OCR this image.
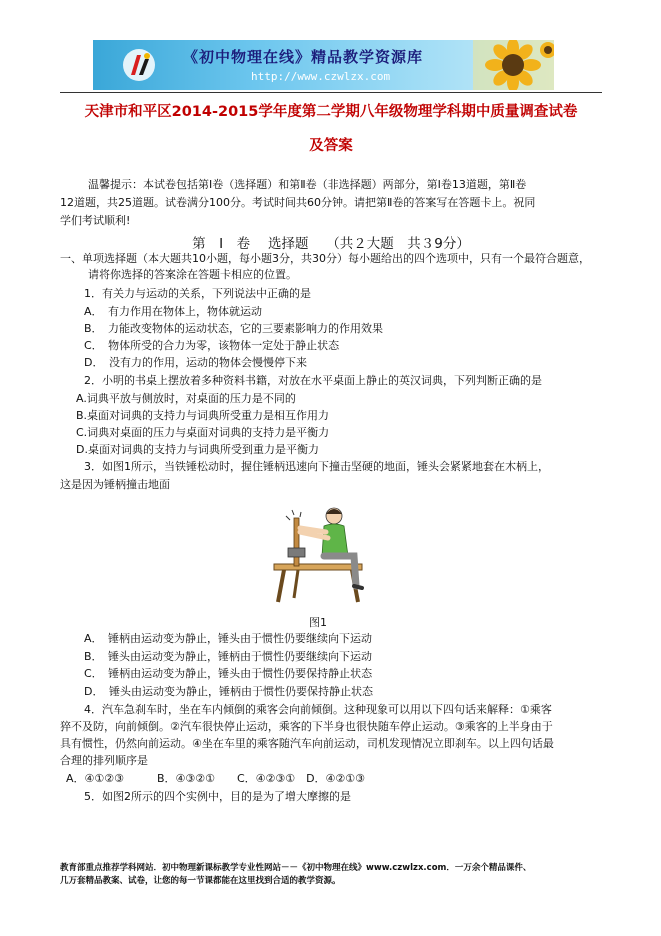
《初中物理在线》精品教学资源库
http://www.czwlzx.com
天津市和平区2014-2015学年度第二学期八年级物理学科期中质量调查试卷
及答案
温馨提示：本试卷包括第Ⅰ卷（选择题）和第Ⅱ卷（非选择题）两部分，第Ⅰ卷13道题，第Ⅱ卷
12道题，共25道题。试卷满分100分。考试时间共60分钟。请把第Ⅱ卷的答案写在答题卡上。祝同
学们考试顺利!
第　Ⅰ　卷　 选择题　 （共２大题　共３9分）
一、单项选择题（本大题共10小题，每小题3分，共30分）每小题给出的四个选项中，只有一个最符合题意，
请将你选择的答案涂在答题卡相应的位置。
1．有关力与运动的关系，下列说法中正确的是
A．　有力作用在物体上，物体就运动
B．　力能改变物体的运动状态，它的三要素影响力的作用效果
C．　物体所受的合力为零，该物体一定处于静止状态
D．　没有力的作用，运动的物体会慢慢停下来
2．小明的书桌上摆放着多种资料书籍，对放在水平桌面上静止的英汉词典，下列判断正确的是
A.词典平放与侧放时，对桌面的压力是不同的
B.桌面对词典的支持力与词典所受重力是相互作用力
C.词典对桌面的压力与桌面对词典的支持力是平衡力
D.桌面对词典的支持力与词典所受到重力是平衡力
3．如图1所示，当铁锤松动时，握住锤柄迅速向下撞击坚硬的地面，锤头会紧紧地套在木柄上，
这是因为锤柄撞击地面
图1
A．　锤柄由运动变为静止，锤头由于惯性仍要继续向下运动
B．　锤头由运动变为静止，锤柄由于惯性仍要继续向下运动
C．　锤柄由运动变为静止，锤头由于惯性仍要保持静止状态
D．　锤头由运动变为静止，锤柄由于惯性仍要保持静止状态
4．汽车急刹车时，坐在车内倾倒的乘客会向前倾倒。这种现象可以用以下四句话来解释：①乘客
猝不及防，向前倾倒。②汽车很快停止运动，乘客的下半身也很快随车停止运动。③乘客的上半身由于
具有惯性，仍然向前运动。④坐在车里的乘客随汽车向前运动，司机发现情况立即刹车。以上四句话最
合理的排列顺序是
A．④①②③　　　B．④③②①　　C．④②③①　D．④②①③
5．如图2所示的四个实例中，目的是为了增大摩擦的是
教育部重点推荐学科网站．初中物理新课标教学专业性网站－－《初中物理在线》www.czwlzx.com．一万余个精品课件、
几万套精品教案、试卷，让您的每一节课都能在这里找到合适的教学资源。
